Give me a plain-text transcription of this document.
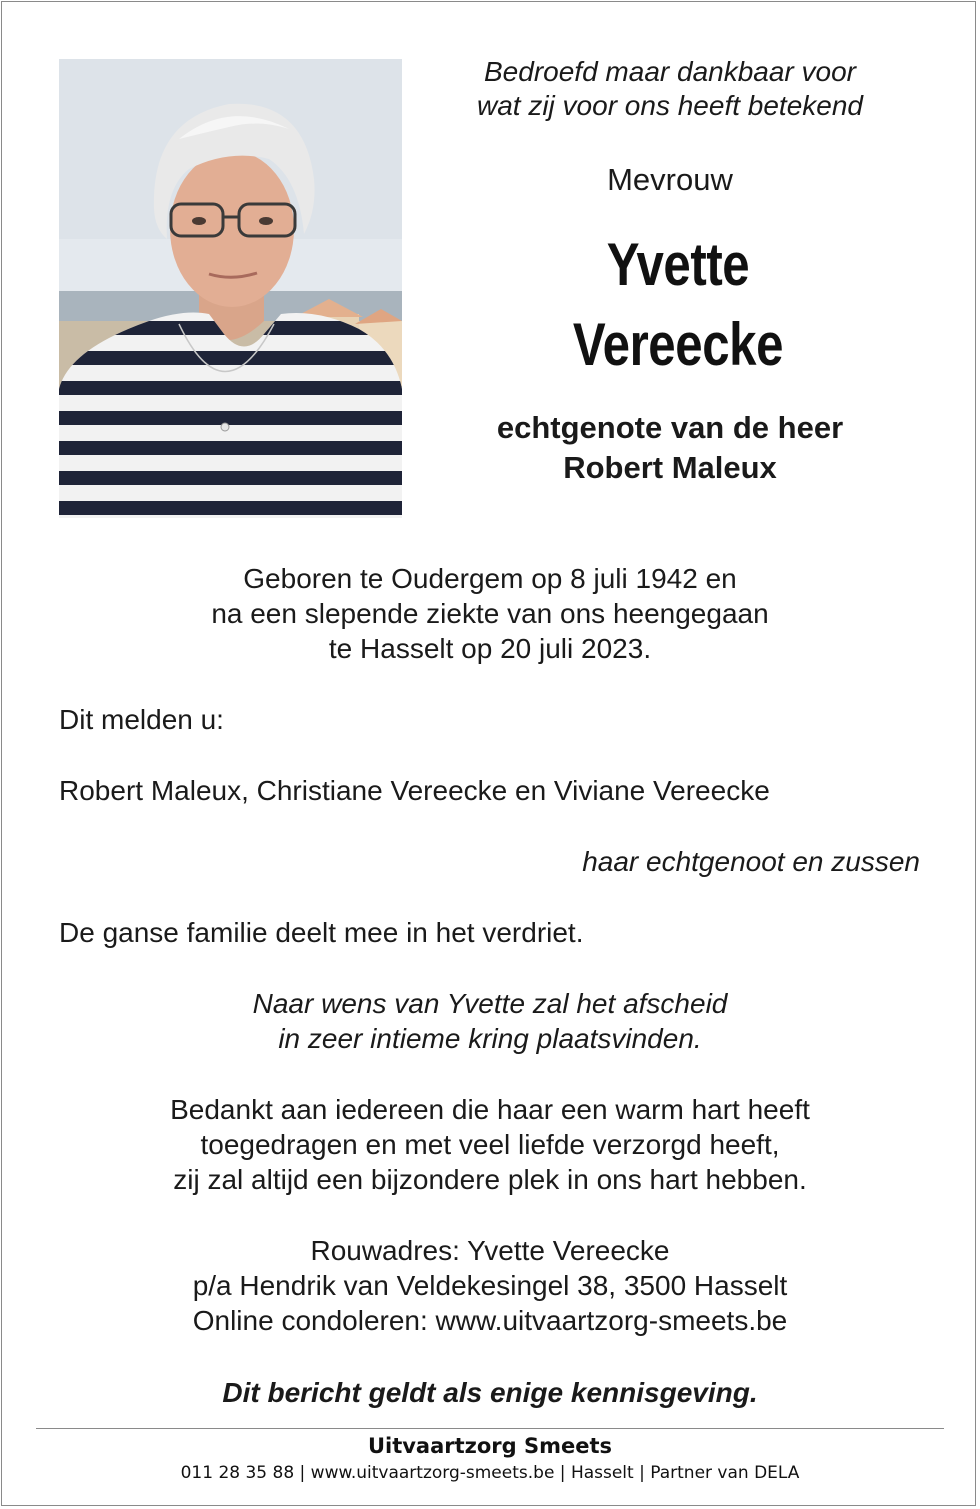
Bedroefd maar dankbaar voor

wat zij voor ons heeft betekend

Mevrouw

Yvette

Vereecke

echtgenote van de heer

Robert Maleux

Geboren te Oudergem op 8 juli 1942 en

na een slepende ziekte van ons heengegaan

te Hasselt op 20 juli 2023.

Dit melden u:

Robert Maleux, Christiane Vereecke en Viviane Vereecke

haar echtgenoot en zussen

De ganse familie deelt mee in het verdriet.

Naar wens van Yvette zal het afscheid

in zeer intieme kring plaatsvinden.

Bedankt aan iedereen die haar een warm hart heeft

toegedragen en met veel liefde verzorgd heeft,

zij zal altijd een bijzondere plek in ons hart hebben.

Rouwadres: Yvette Vereecke

p/a Hendrik van Veldekesingel 38, 3500 Hasselt

Online condoleren: www.uitvaartzorg-smeets.be

Dit bericht geldt als enige kennisgeving.

Uitvaartzorg Smeets

011 28 35 88 | www.uitvaartzorg-smeets.be | Hasselt | Partner van DELA
